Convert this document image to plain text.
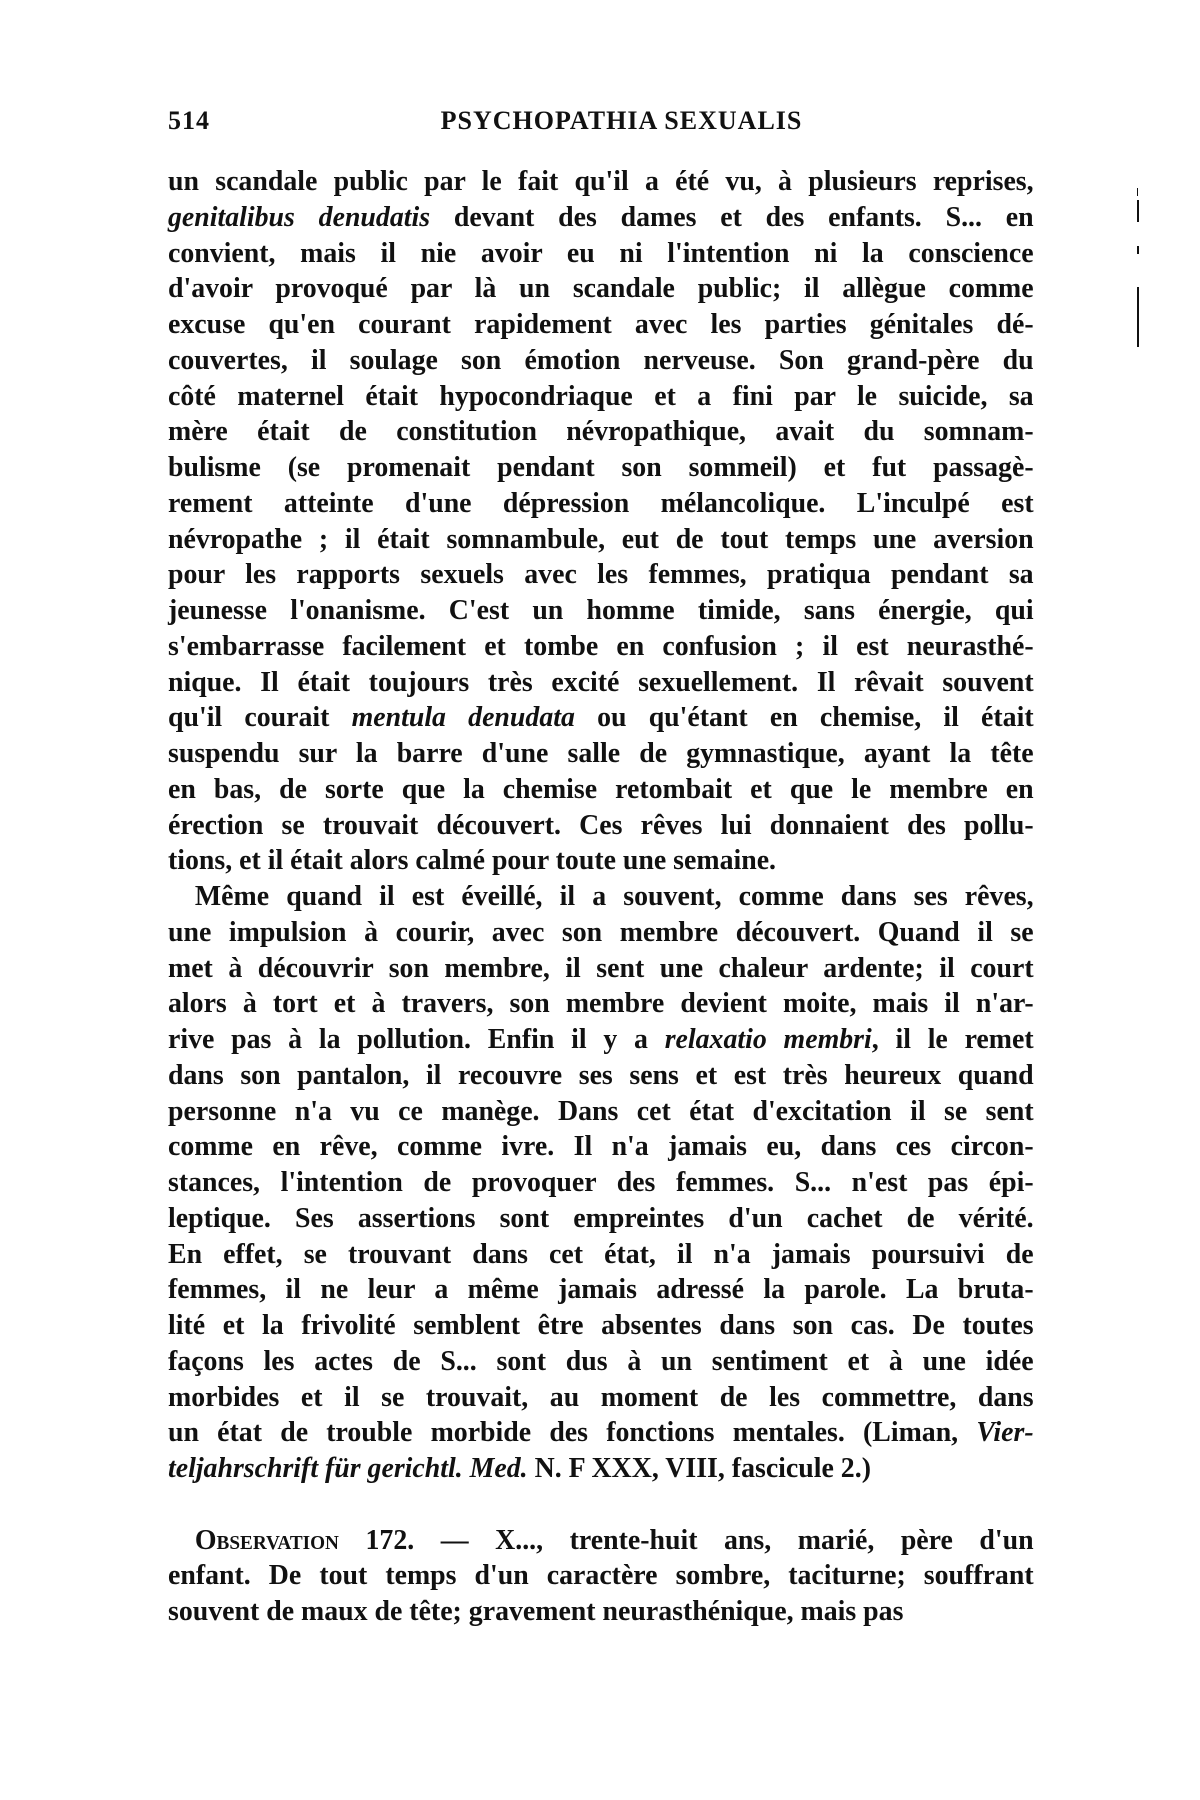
514	PSYCHOPATHIA SEXUALIS
un scandale public par le fait qu'il a été vu, à plusieurs reprises,
genitalibus denudatis devant des dames et des enfants. S... en
convient, mais il nie avoir eu ni l'intention ni la conscience
d'avoir provoqué par là un scandale public; il allègue comme
excuse qu'en courant rapidement avec les parties génitales dé-
couvertes, il soulage son émotion nerveuse. Son grand-père du
côté maternel était hypocondriaque et a fini par le suicide, sa
mère était de constitution névropathique, avait du somnam-
bulisme (se promenait pendant son sommeil) et fut passagè-
rement atteinte d'une dépression mélancolique. L'inculpé est
névropathe ; il était somnambule, eut de tout temps une aversion
pour les rapports sexuels avec les femmes, pratiqua pendant sa
jeunesse l'onanisme. C'est un homme timide, sans énergie, qui
s'embarrasse facilement et tombe en confusion ; il est neurasthé-
nique. Il était toujours très excité sexuellement. Il rêvait souvent
qu'il courait mentula denudata ou qu'étant en chemise, il était
suspendu sur la barre d'une salle de gymnastique, ayant la tête
en bas, de sorte que la chemise retombait et que le membre en
érection se trouvait découvert. Ces rêves lui donnaient des pollu-
tions, et il était alors calmé pour toute une semaine.
Même quand il est éveillé, il a souvent, comme dans ses rêves,
une impulsion à courir, avec son membre découvert. Quand il se
met à découvrir son membre, il sent une chaleur ardente; il court
alors à tort et à travers, son membre devient moite, mais il n'ar-
rive pas à la pollution. Enfin il y a relaxatio membri, il le remet
dans son pantalon, il recouvre ses sens et est très heureux quand
personne n'a vu ce manège. Dans cet état d'excitation il se sent
comme en rêve, comme ivre. Il n'a jamais eu, dans ces circon-
stances, l'intention de provoquer des femmes. S... n'est pas épi-
leptique. Ses assertions sont empreintes d'un cachet de vérité.
En effet, se trouvant dans cet état, il n'a jamais poursuivi de
femmes, il ne leur a même jamais adressé la parole. La bruta-
lité et la frivolité semblent être absentes dans son cas. De toutes
façons les actes de S... sont dus à un sentiment et à une idée
morbides et il se trouvait, au moment de les commettre, dans
un état de trouble morbide des fonctions mentales. (Liman, Vier-
teljahrschrift für gerichtl. Med. N. F XXX, VIII, fascicule 2.)
Observation 172. — X..., trente-huit ans, marié, père d'un
enfant. De tout temps d'un caractère sombre, taciturne; souffrant
souvent de maux de tête; gravement neurasthénique, mais pas
